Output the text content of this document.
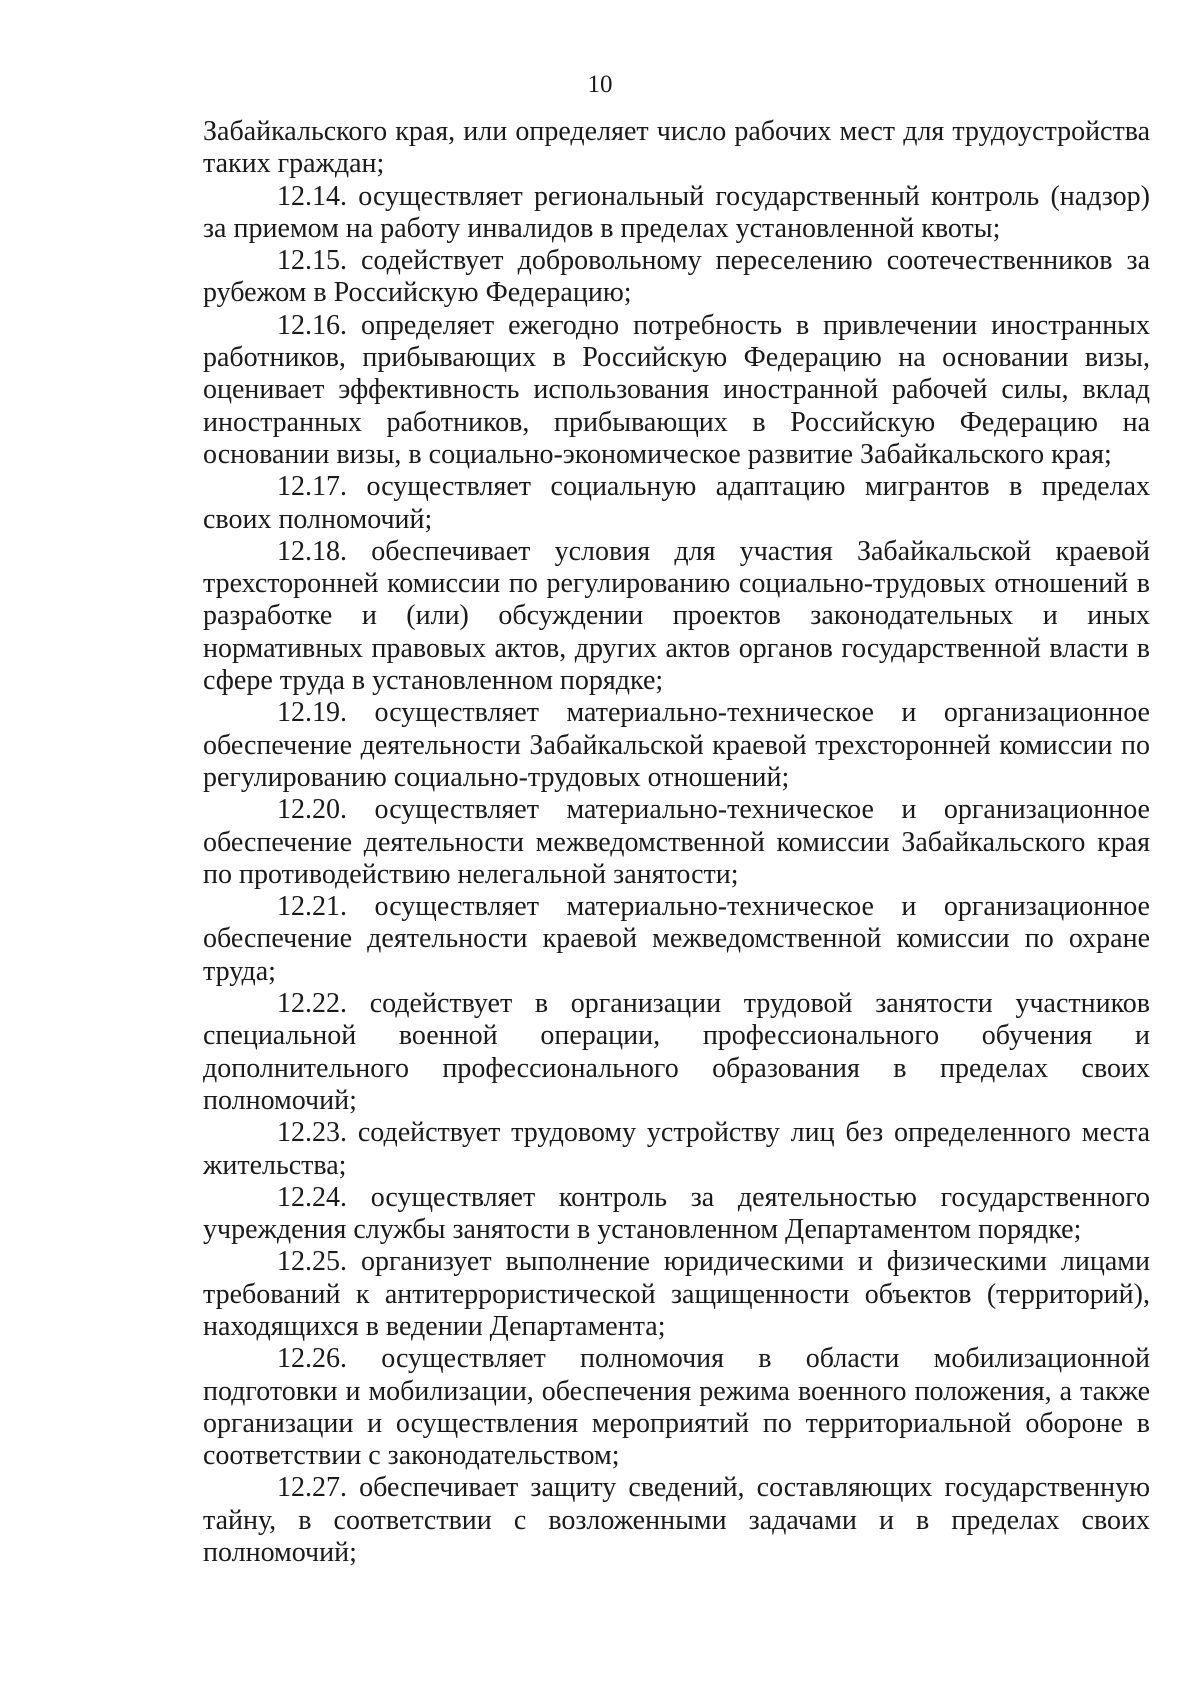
10

Забайкальского края, или определяет число рабочих мест для трудоустройства таких граждан;

12.14. осуществляет региональный государственный контроль (надзор) за приемом на работу инвалидов в пределах установленной квоты;

12.15. содействует добровольному переселению соотечественников за рубежом в Российскую Федерацию;

12.16. определяет ежегодно потребность в привлечении иностранных работников, прибывающих в Российскую Федерацию на основании визы, оценивает эффективность использования иностранной рабочей силы, вклад иностранных работников, прибывающих в Российскую Федерацию на основании визы, в социально-экономическое развитие Забайкальского края;

12.17. осуществляет социальную адаптацию мигрантов в пределах своих полномочий;

12.18. обеспечивает условия для участия Забайкальской краевой трехсторонней комиссии по регулированию социально-трудовых отношений в разработке и (или) обсуждении проектов законодательных и иных нормативных правовых актов, других актов органов государственной власти в сфере труда в установленном порядке;

12.19. осуществляет материально-техническое и организационное обеспечение деятельности Забайкальской краевой трехсторонней комиссии по регулированию социально-трудовых отношений;

12.20. осуществляет материально-техническое и организационное обеспечение деятельности межведомственной комиссии Забайкальского края по противодействию нелегальной занятости;

12.21. осуществляет материально-техническое и организационное обеспечение деятельности краевой межведомственной комиссии по охране труда;

12.22. содействует в организации трудовой занятости участников специальной военной операции, профессионального обучения и дополнительного профессионального образования в пределах своих полномочий;

12.23. содействует трудовому устройству лиц без определенного места жительства;

12.24. осуществляет контроль за деятельностью государственного учреждения службы занятости в установленном Департаментом порядке;

12.25. организует выполнение юридическими и физическими лицами требований к антитеррористической защищенности объектов (территорий), находящихся в ведении Департамента;

12.26. осуществляет полномочия в области мобилизационной подготовки и мобилизации, обеспечения режима военного положения, а также организации и осуществления мероприятий по территориальной обороне в соответствии с законодательством;

12.27. обеспечивает защиту сведений, составляющих государственную тайну, в соответствии с возложенными задачами и в пределах своих полномочий;
